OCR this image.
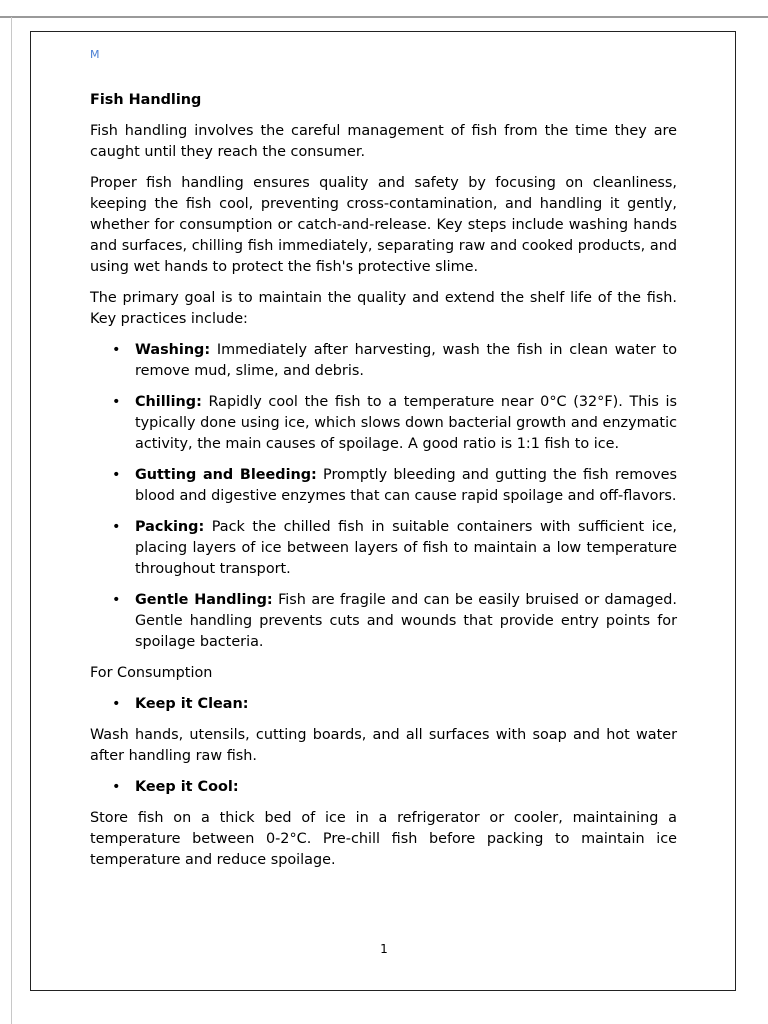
M
Fish Handling

Fish handling involves the careful management of fish from the time they are caught until they reach the consumer.

Proper fish handling ensures quality and safety by focusing on cleanliness, keeping the fish cool, preventing cross-contamination, and handling it gently, whether for consumption or catch-and-release. Key steps include washing hands and surfaces, chilling fish immediately, separating raw and cooked products, and using wet hands to protect the fish's protective slime.

The primary goal is to maintain the quality and extend the shelf life of the fish. Key practices include:

• Washing: Immediately after harvesting, wash the fish in clean water to remove mud, slime, and debris.
• Chilling: Rapidly cool the fish to a temperature near 0°C (32°F). This is typically done using ice, which slows down bacterial growth and enzymatic activity, the main causes of spoilage. A good ratio is 1:1 fish to ice.
• Gutting and Bleeding: Promptly bleeding and gutting the fish removes blood and digestive enzymes that can cause rapid spoilage and off-flavors.
• Packing: Pack the chilled fish in suitable containers with sufficient ice, placing layers of ice between layers of fish to maintain a low temperature throughout transport.
• Gentle Handling: Fish are fragile and can be easily bruised or damaged. Gentle handling prevents cuts and wounds that provide entry points for spoilage bacteria.

For Consumption

• Keep it Clean:

Wash hands, utensils, cutting boards, and all surfaces with soap and hot water after handling raw fish.

• Keep it Cool:

Store fish on a thick bed of ice in a refrigerator or cooler, maintaining a temperature between 0-2°C. Pre-chill fish before packing to maintain ice temperature and reduce spoilage.

1
